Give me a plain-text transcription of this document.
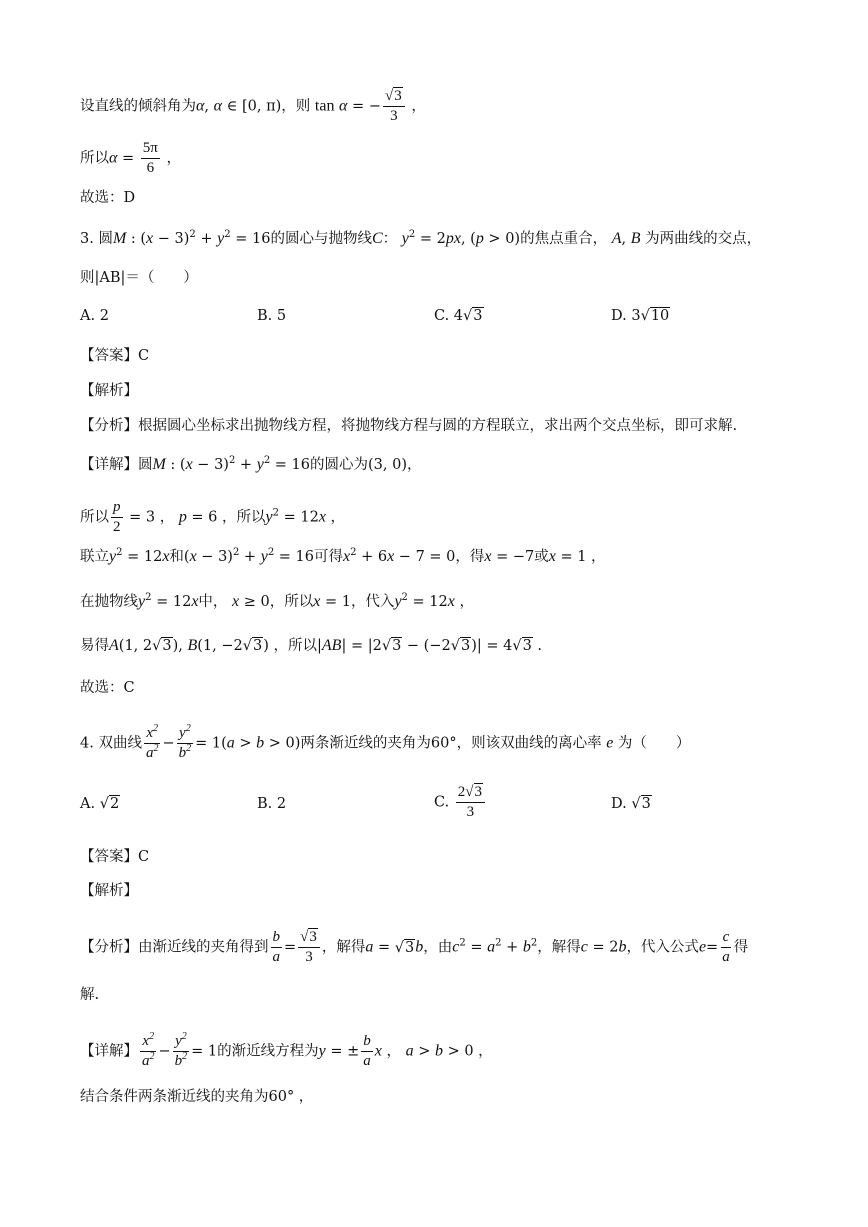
设直线的倾斜角为α, α ∈ [0, π)，则 tan α = − $\frac{√3}{3}$ ，
所以$\alpha = \frac{5\pi}{6}$ ，
故选：D
3. 圆M : $(x - 3)^2 + y^2 = 16$的圆心与抛物线C： $y^2 = 2px$, (p > 0)的焦点重合， A, B 为两曲线的交点，
则|AB|＝（　　）
A. 2	B. 5	C. 4√3	D. 3√10
【答案】C
【解析】
【分析】根据圆心坐标求出抛物线方程，将抛物线方程与圆的方程联立，求出两个交点坐标，即可求解.
【详解】圆M : $(x - 3)^2 + y^2 = 16$的圆心为(3, 0)，
所以 $\frac{p}{2} = 3$ ， p = 6 ，所以$y^2 = 12x$ ，
联立$y^2 = 12x$和$(x - 3)^2 + y^2 = 16$可得$x^2 + 6x - 7 = 0$，得x = −7或x = 1 ，
在抛物线$y^2 = 12x$中， x ≥ 0，所以x = 1，代入$y^2 = 12x$ ，
易得A(1, 2√3), B(1, −2√3) ，所以|AB| = |2√3 − (−2√3)| = 4√3 .
故选：C
4. 双曲线 $\frac{x^2}{a^2} - \frac{y^2}{b^2} = 1(a > b > 0)$两条渐近线的夹角为60°，则该双曲线的离心率 e 为（　　）
A. √2	B. 2	C. $\frac{2√3}{3}$	D. √3
【答案】C
【解析】
【分析】由渐近线的夹角得到 $\frac{b}{a} = \frac{√3}{3}$ ，解得a = √3b，由$c^2 = a^2 + b^2$，解得c = 2b，代入公式$e= \frac{c}{a}$ 得
解.
【详解】 $\frac{x^2}{a^2} - \frac{y^2}{b^2} = 1$的渐近线方程为y = ± $\frac{b}{a}$ x ， a > b > 0 ，
结合条件两条渐近线的夹角为60° ，
